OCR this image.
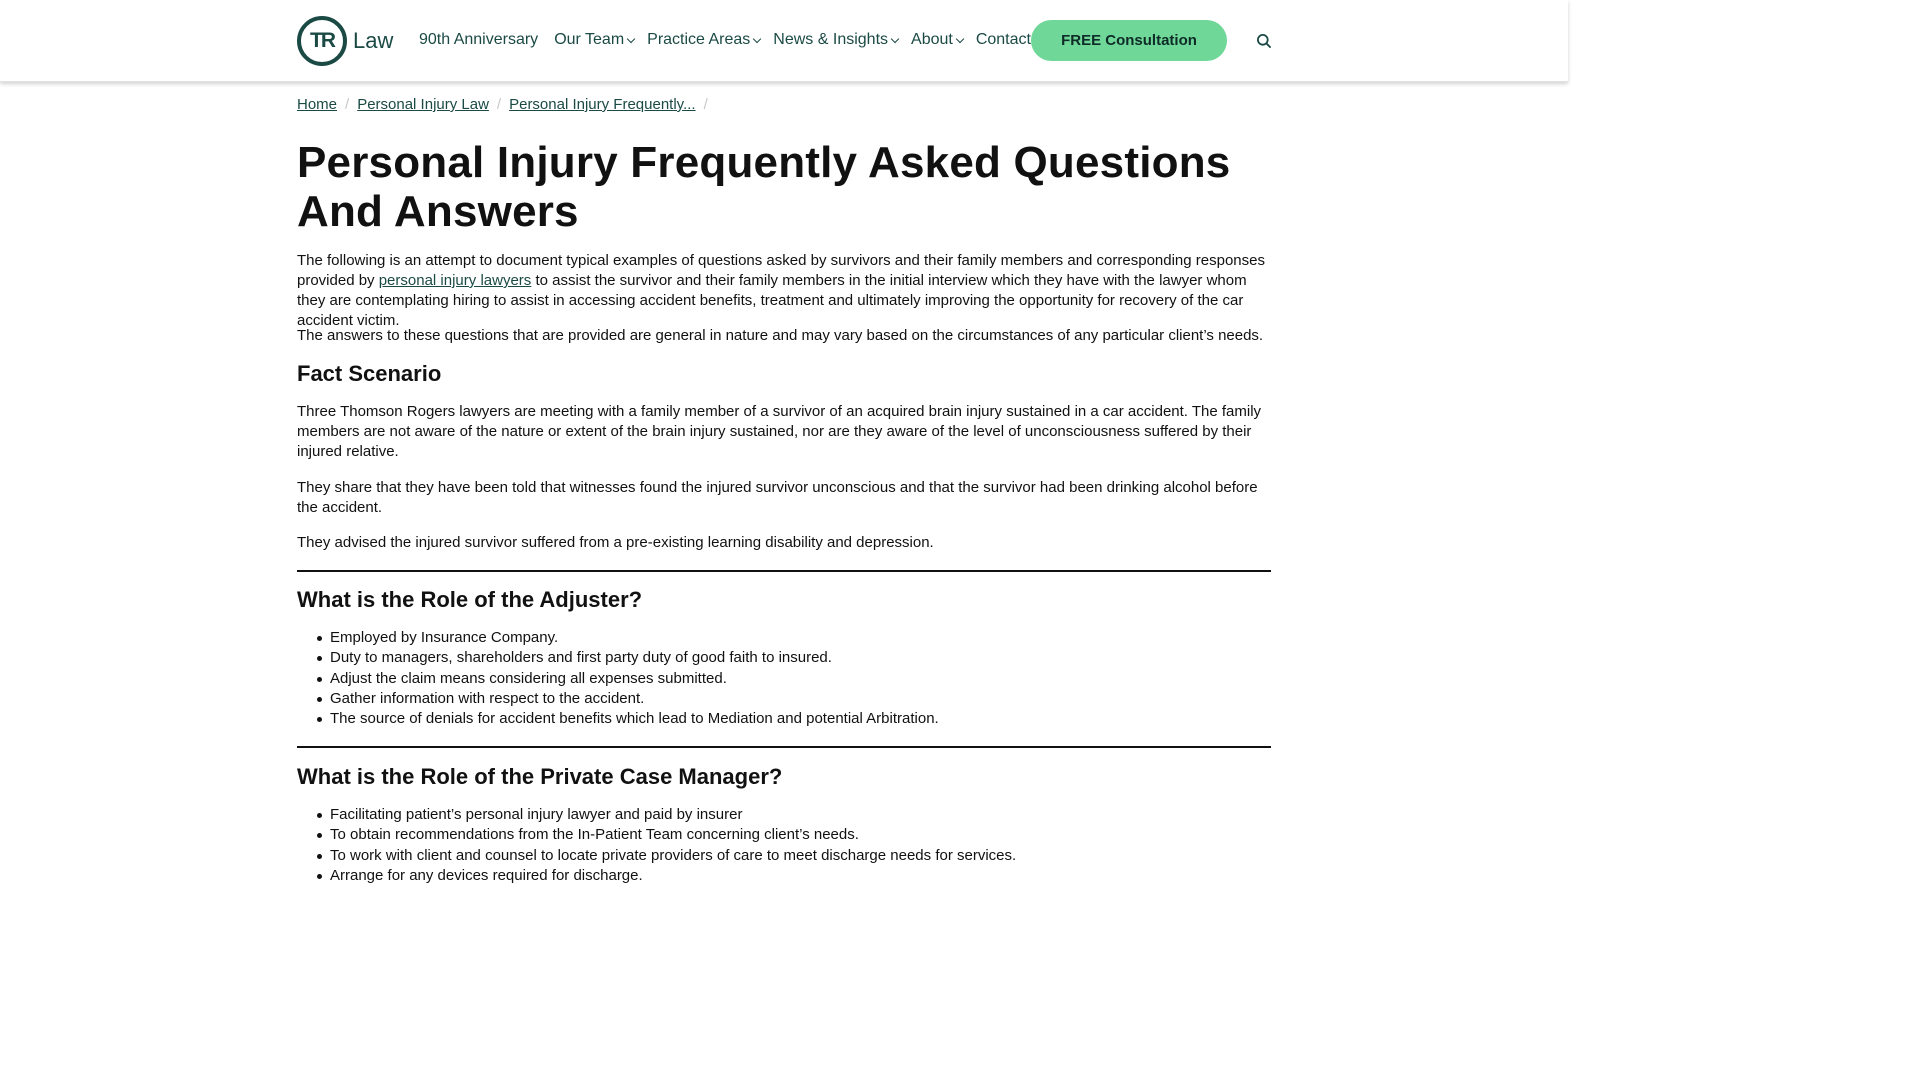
TR Law 90th Anniversary Our Team Practice Areas News & Insights About Contact	FREE Consultation
Home / Personal Injury Law / Personal Injury Frequently... /
Personal Injury Frequently Asked Questions And Answers

The following is an attempt to document typical examples of questions asked by survivors and their family members and corresponding responses provided by personal injury lawyers to assist the survivor and their family members in the initial interview which they have with the lawyer whom they are contemplating hiring to assist in accessing accident benefits, treatment and ultimately improving the opportunity for recovery of the car accident victim.

The answers to these questions that are provided are general in nature and may vary based on the circumstances of any particular client’s needs.

Fact Scenario

Three Thomson Rogers lawyers are meeting with a family member of a survivor of an acquired brain injury sustained in a car accident. The family members are not aware of the nature or extent of the brain injury sustained, nor are they aware of the level of unconsciousness suffered by their injured relative.

They share that they have been told that witnesses found the injured survivor unconscious and that the survivor had been drinking alcohol before the accident.

They advised the injured survivor suffered from a pre-existing learning disability and depression.

What is the Role of the Adjuster?
Employed by Insurance Company.
Duty to managers, shareholders and first party duty of good faith to insured.
Adjust the claim means considering all expenses submitted.
Gather information with respect to the accident.
The source of denials for accident benefits which lead to Mediation and potential Arbitration.
What is the Role of the Private Case Manager?
Facilitating patient’s personal injury lawyer and paid by insurer
To obtain recommendations from the In-Patient Team concerning client’s needs.
To work with client and counsel to locate private providers of care to meet discharge needs for services.
Arrange for any devices required for discharge.
